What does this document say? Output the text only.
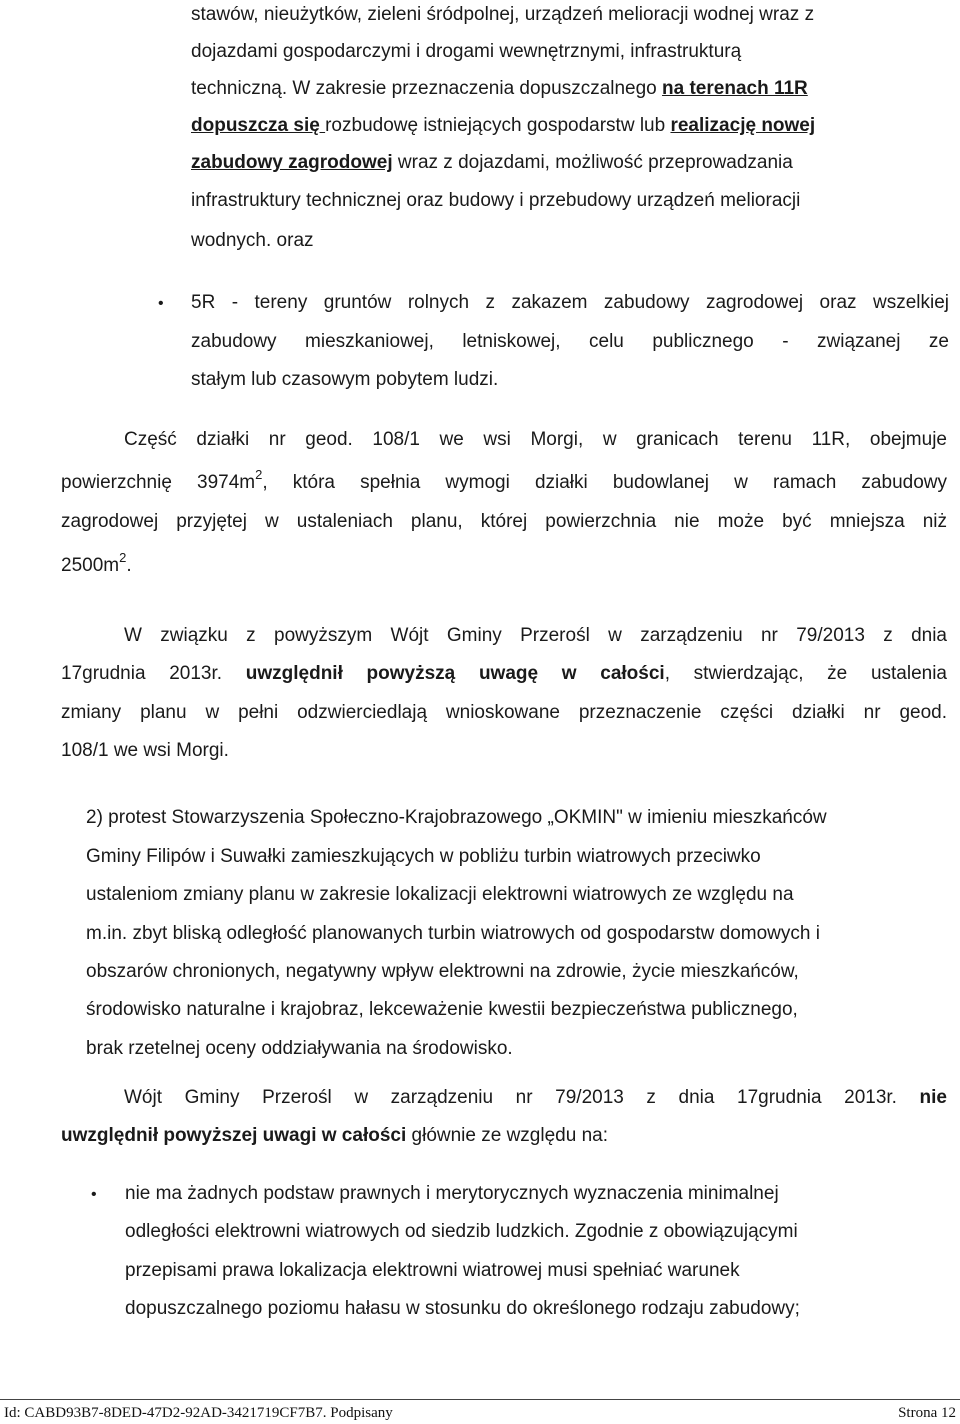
stawów, nieużytków, zieleni śródpolnej, urządzeń melioracji wodnej wraz z
dojazdami gospodarczymi i drogami wewnętrznymi, infrastrukturą
techniczną. W zakresie przeznaczenia dopuszczalnego na terenach 11R
dopuszcza się rozbudowę istniejących gospodarstw lub realizację nowej
zabudowy zagrodowej wraz z dojazdami, możliwość przeprowadzania
infrastruktury technicznej oraz budowy i przebudowy urządzeń melioracji
wodnych. oraz
• 5R - tereny gruntów rolnych z zakazem zabudowy zagrodowej oraz wszelkiej
zabudowy mieszkaniowej, letniskowej, celu publicznego - związanej ze
stałym lub czasowym pobytem ludzi.
Część działki nr geod. 108/1 we wsi Morgi, w granicach terenu 11R, obejmuje
powierzchnię $3974m^2$, która spełnia wymogi działki budowlanej w ramach zabudowy
zagrodowej przyjętej w ustaleniach planu, której powierzchnia nie może być mniejsza niż
$2500m^2$.
W związku z powyższym Wójt Gminy Przerośl w zarządzeniu nr 79/2013 z dnia
17grudnia 2013r. uwzględnił powyższą uwagę w całości, stwierdzając, że ustalenia
zmiany planu w pełni odzwierciedlają wnioskowane przeznaczenie części działki nr geod.
108/1 we wsi Morgi.
2) protest Stowarzyszenia Społeczno-Krajobrazowego „OKMIN" w imieniu mieszkańców
Gminy Filipów i Suwałki zamieszkujących w pobliżu turbin wiatrowych przeciwko
ustaleniom zmiany planu w zakresie lokalizacji elektrowni wiatrowych ze względu na
m.in. zbyt bliską odległość planowanych turbin wiatrowych od gospodarstw domowych i
obszarów chronionych, negatywny wpływ elektrowni na zdrowie, życie mieszkańców,
środowisko naturalne i krajobraz, lekceważenie kwestii bezpieczeństwa publicznego,
brak rzetelnej oceny oddziaływania na środowisko.
Wójt Gminy Przerośl w zarządzeniu nr 79/2013 z dnia 17grudnia 2013r. nie
uwzględnił powyższej uwagi w całości głównie ze względu na:
• nie ma żadnych podstaw prawnych i merytorycznych wyznaczenia minimalnej
odległości elektrowni wiatrowych od siedzib ludzkich. Zgodnie z obowiązującymi
przepisami prawa lokalizacja elektrowni wiatrowej musi spełniać warunek
dopuszczalnego poziomu hałasu w stosunku do określonego rodzaju zabudowy;
Id: CABD93B7-8DED-47D2-92AD-3421719CF7B7. Podpisany	Strona 12
